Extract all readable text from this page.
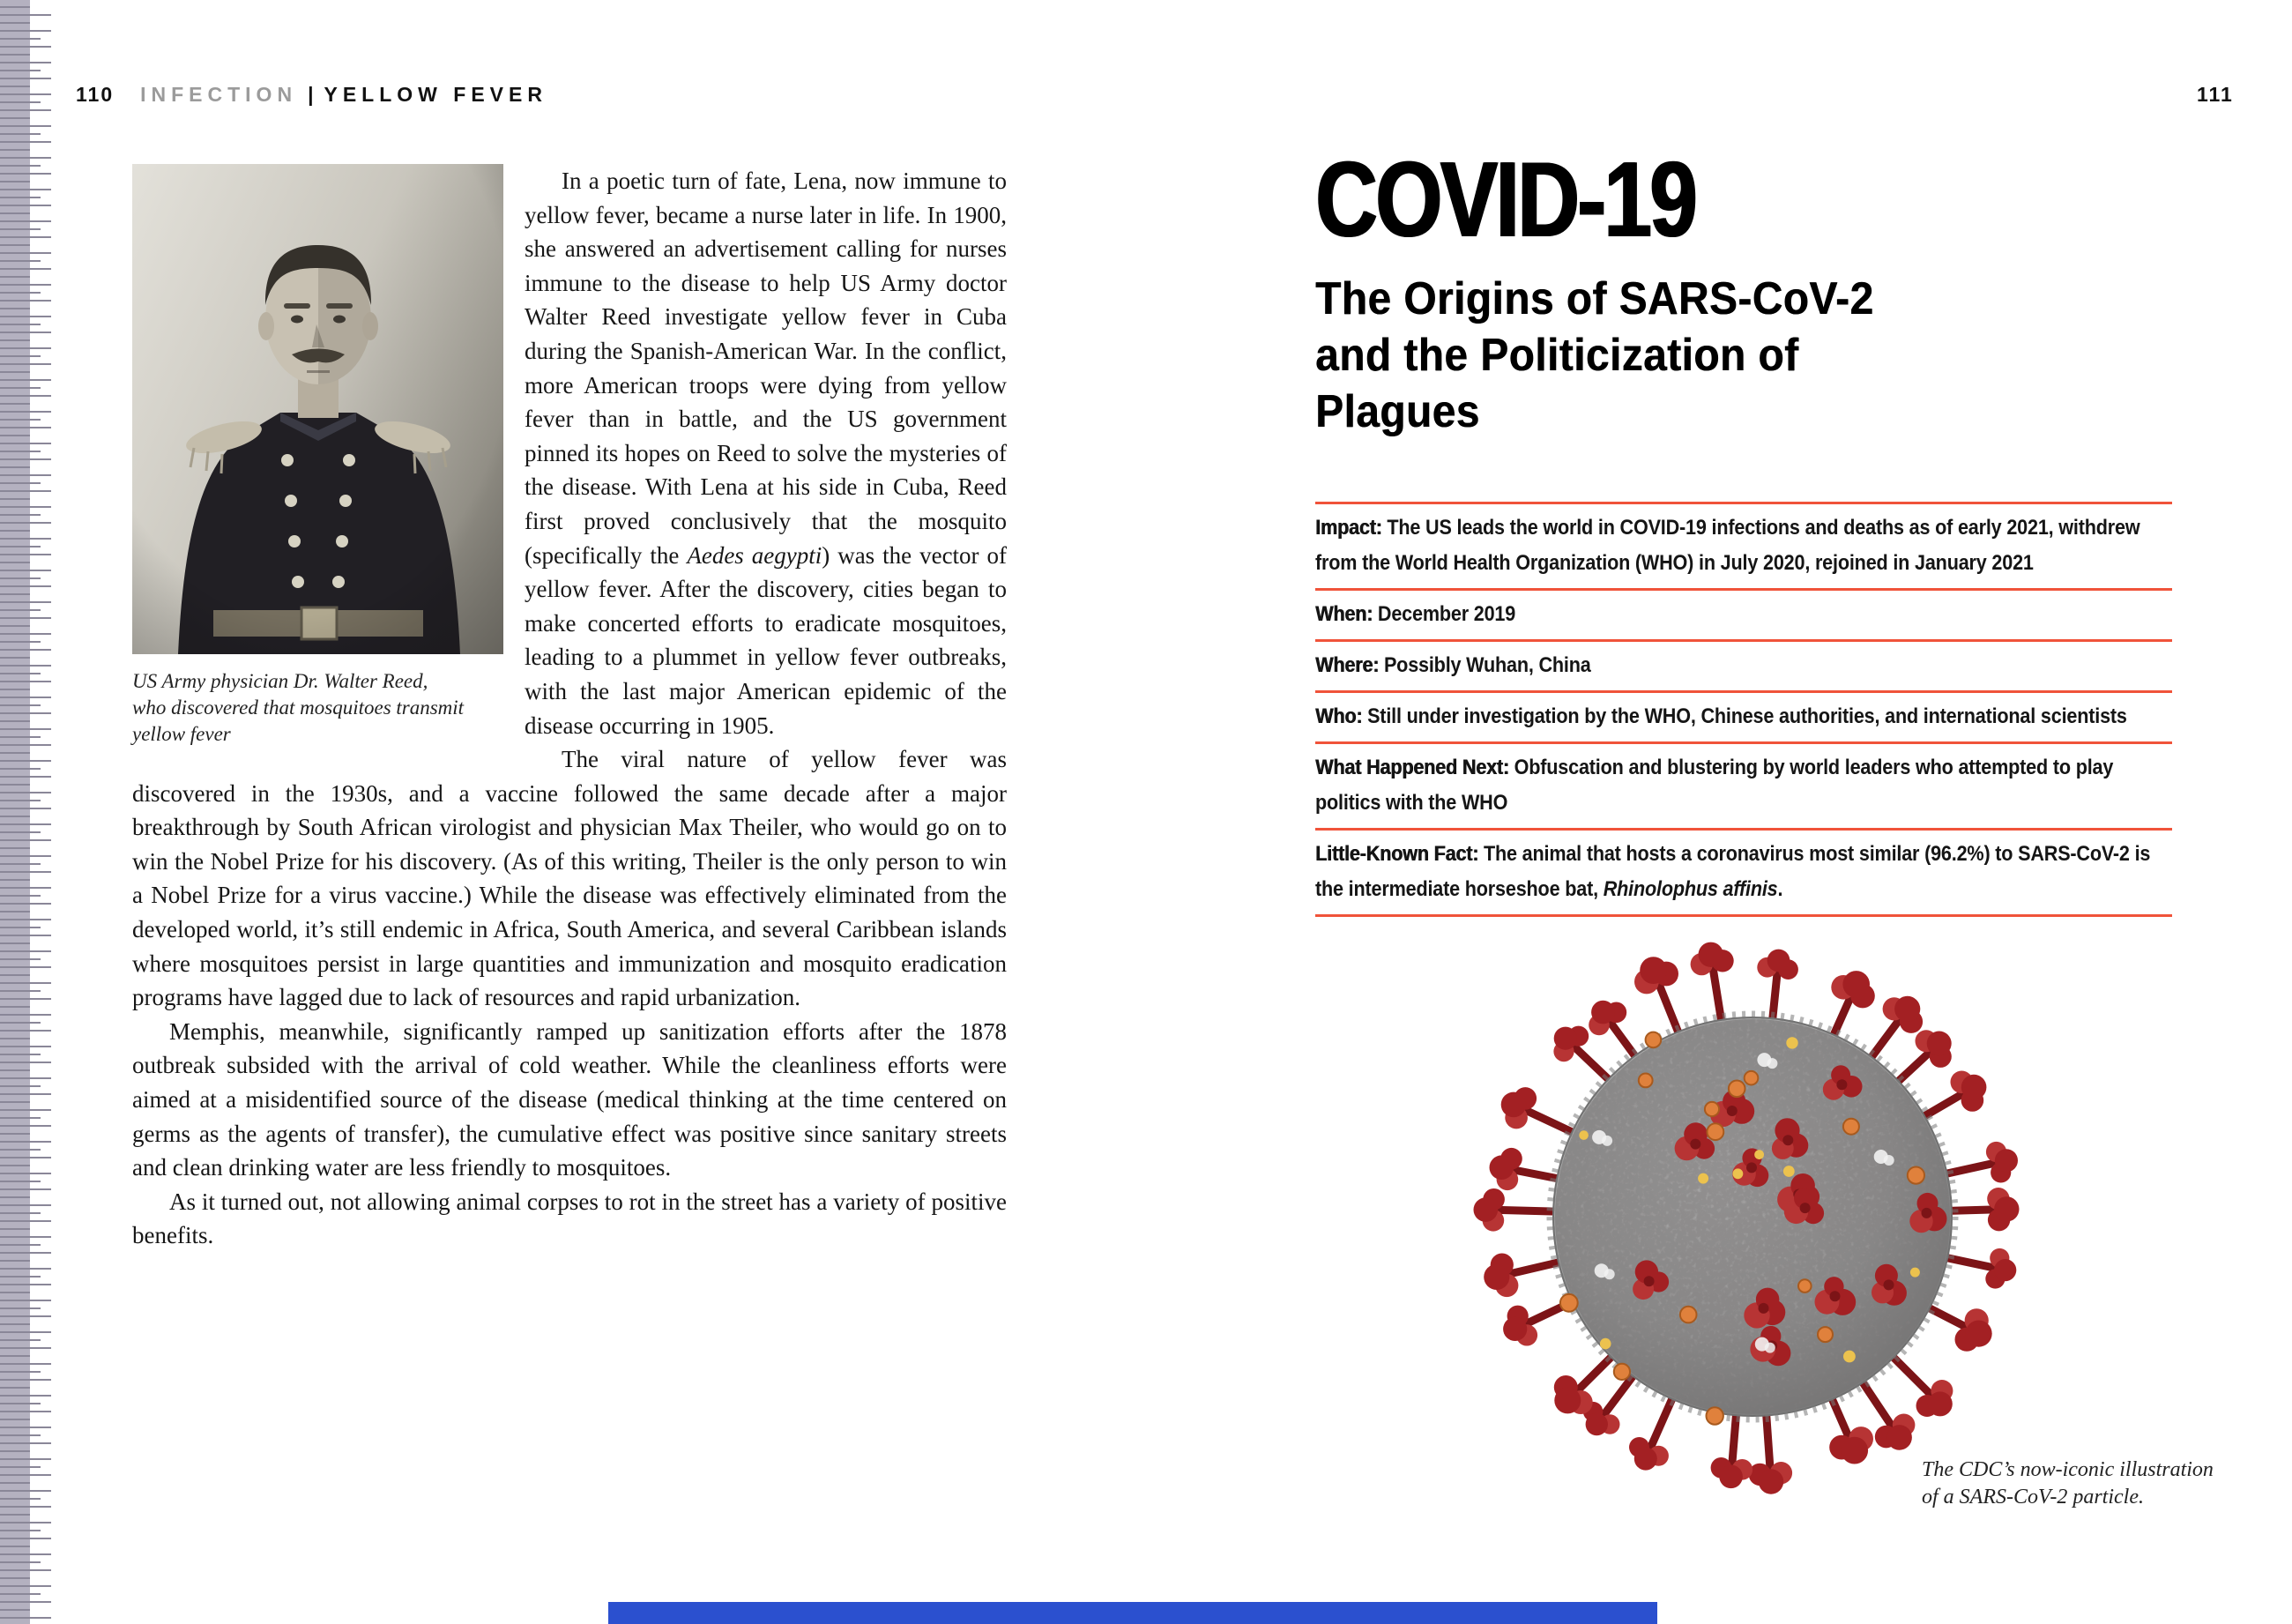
110 INFECTION | YELLOW FEVER	111
US Army physician Dr. Walter Reed,
who discovered that mosquitoes transmit
yellow fever

In a poetic turn of fate, Lena, now immune to yellow fever, became a nurse later in life. In 1900, she answered an advertisement calling for nurses immune to the disease to help US Army doctor Walter Reed investigate yellow fever in Cuba during the Spanish-American War. In the conflict, more American troops were dying from yellow fever than in battle, and the US government pinned its hopes on Reed to solve the mysteries of the disease. With Lena at his side in Cuba, Reed first proved conclusively that the mosquito (specifically the Aedes aegypti) was the vector of yellow fever. After the discovery, cities began to make concerted efforts to eradicate mosquitoes, leading to a plummet in yellow fever outbreaks, with the last major American epidemic of the disease occurring in 1905.

The viral nature of yellow fever was discovered in the 1930s, and a vaccine followed the same decade after a major breakthrough by South African virologist and physician Max Theiler, who would go on to win the Nobel Prize for his discovery. (As of this writing, Theiler is the only person to win a Nobel Prize for a virus vaccine.) While the disease was effectively eliminated from the developed world, it’s still endemic in Africa, South America, and several Caribbean islands where mosquitoes persist in large quantities and immunization and mosquito eradication programs have lagged due to lack of resources and rapid urbanization.

Memphis, meanwhile, significantly ramped up sanitization efforts after the 1878 outbreak subsided with the arrival of cold weather. While the cleanliness efforts were aimed at a misidentified source of the disease (medical thinking at the time centered on germs as the agents of transfer), the cumulative effect was positive since sanitary streets and clean drinking water are less friendly to mosquitoes.

As it turned out, not allowing animal corpses to rot in the street has a variety of positive benefits.

COVID-19
The Origins of SARS-CoV-2
and the Politicization of Plagues
Impact: The US leads the world in COVID-19 infections and deaths as of early 2021, withdrew from the World Health Organization (WHO) in July 2020, rejoined in January 2021
When: December 2019
Where: Possibly Wuhan, China
Who: Still under investigation by the WHO, Chinese authorities, and international scientists
What Happened Next: Obfuscation and blustering by world leaders who attempted to play politics with the WHO
Little-Known Fact: The animal that hosts a coronavirus most similar (96.2%) to SARS-CoV-2 is the intermediate horseshoe bat, Rhinolophus affinis.
The CDC’s now-iconic illustration
of a SARS-CoV-2 particle.
